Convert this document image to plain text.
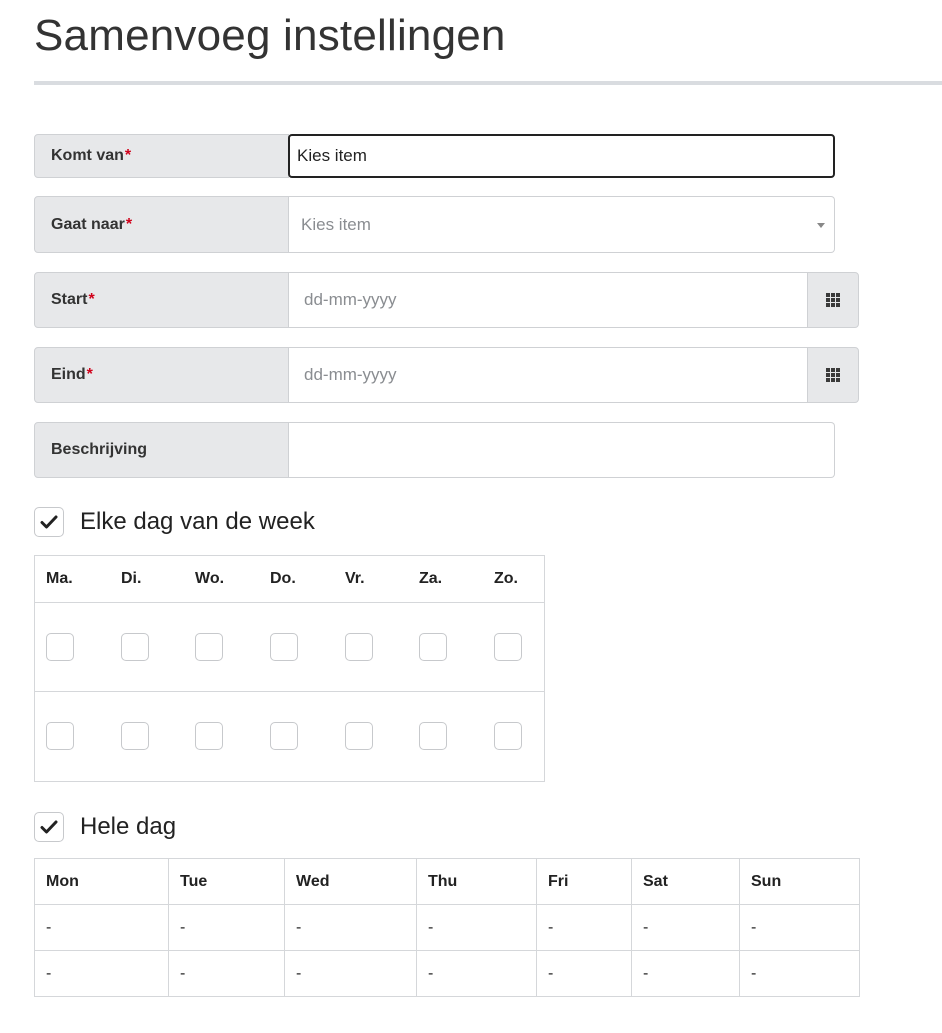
Samenvoeg instellingen
Komt van *	Kies item
Gaat naar *	Kies item
Start *	dd-mm-yyyy
Eind *	dd-mm-yyyy
Beschrijving
Elke dag van de week
Ma.	Di.	Wo.	Do.	Vr.	Za.	Zo.
Hele dag
Mon	Tue	Wed	Thu	Fri	Sat	Sun
-	-	-	-	-	-	-
-	-	-	-	-	-	-
